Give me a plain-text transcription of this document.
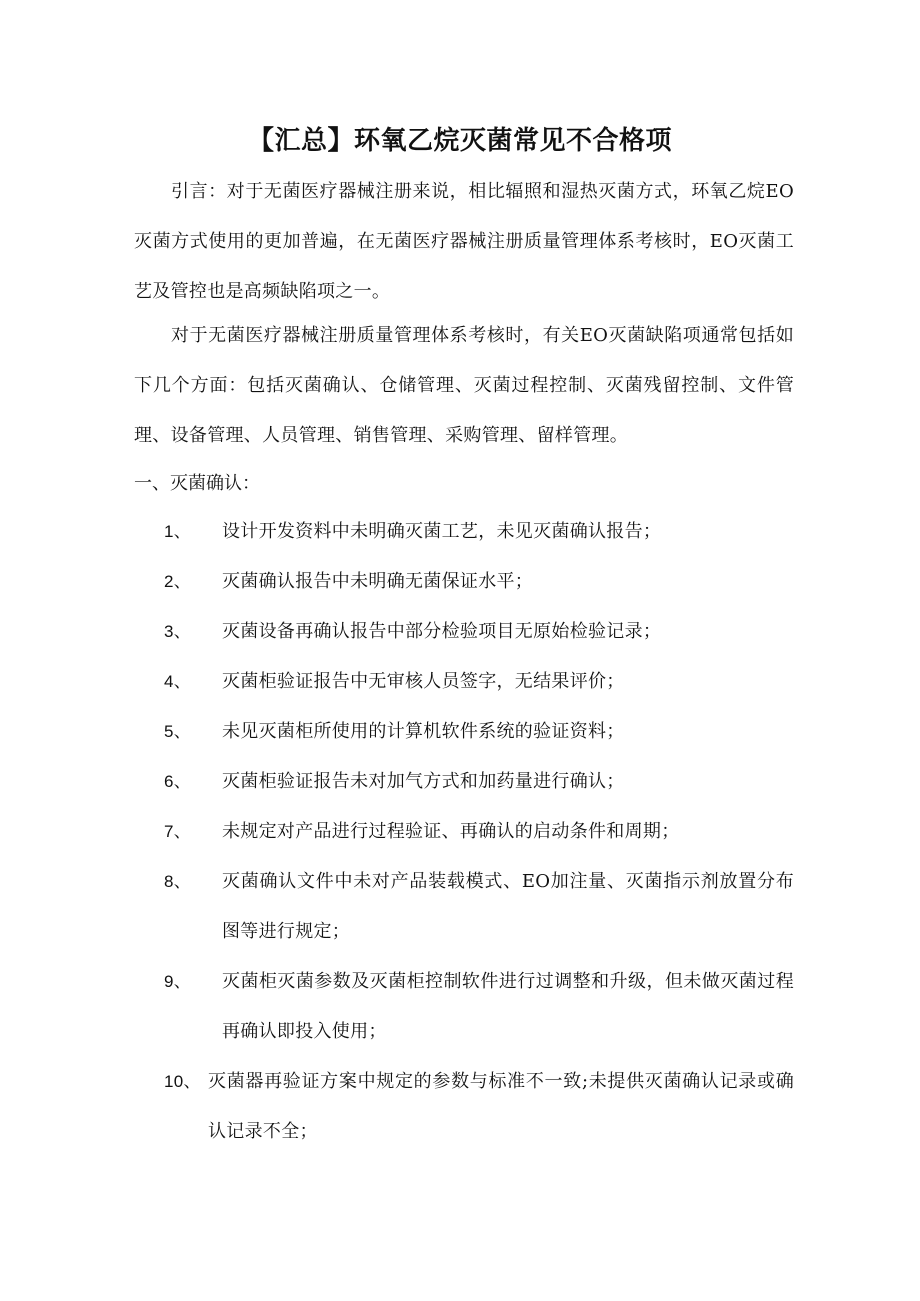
【汇总】环氧乙烷灭菌常见不合格项

引言：对于无菌医疗器械注册来说，相比辐照和湿热灭菌方式，环氧乙烷EO灭菌方式使用的更加普遍，在无菌医疗器械注册质量管理体系考核时，EO灭菌工艺及管控也是高频缺陷项之一。

对于无菌医疗器械注册质量管理体系考核时，有关EO灭菌缺陷项通常包括如下几个方面：包括灭菌确认、仓储管理、灭菌过程控制、灭菌残留控制、文件管理、设备管理、人员管理、销售管理、采购管理、留样管理。

一、灭菌确认：

1、	设计开发资料中未明确灭菌工艺，未见灭菌确认报告；
2、	灭菌确认报告中未明确无菌保证水平；
3、	灭菌设备再确认报告中部分检验项目无原始检验记录；
4、	灭菌柜验证报告中无审核人员签字，无结果评价；
5、	未见灭菌柜所使用的计算机软件系统的验证资料；
6、	灭菌柜验证报告未对加气方式和加药量进行确认；
7、	未规定对产品进行过程验证、再确认的启动条件和周期；
8、	灭菌确认文件中未对产品装载模式、EO加注量、灭菌指示剂放置分布图等进行规定；
9、	灭菌柜灭菌参数及灭菌柜控制软件进行过调整和升级，但未做灭菌过程再确认即投入使用；
10、 灭菌器再验证方案中规定的参数与标准不一致;未提供灭菌确认记录或确认记录不全；
